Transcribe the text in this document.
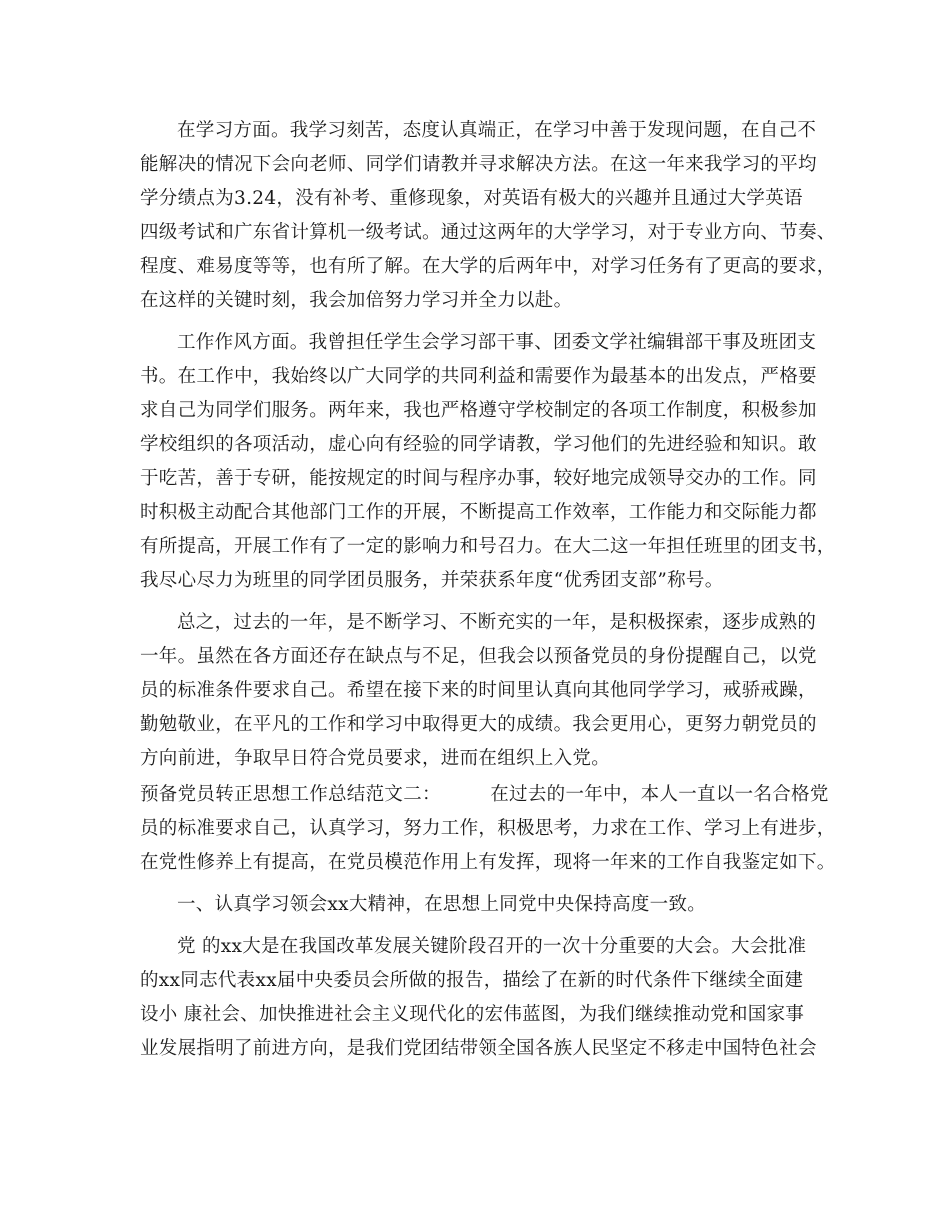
在学习方面。我学习刻苦，态度认真端正，在学习中善于发现问题，在自己不
能解决的情况下会向老师、同学们请教并寻求解决方法。在这一年来我学习的平均
学分绩点为3.24，没有补考、重修现象，对英语有极大的兴趣并且通过大学英语
四级考试和广东省计算机一级考试。通过这两年的大学学习，对于专业方向、节奏、
程度、难易度等等，也有所了解。在大学的后两年中，对学习任务有了更高的要求，
在这样的关键时刻，我会加倍努力学习并全力以赴。
工作作风方面。我曾担任学生会学习部干事、团委文学社编辑部干事及班团支
书。在工作中，我始终以广大同学的共同利益和需要作为最基本的出发点，严格要
求自己为同学们服务。两年来，我也严格遵守学校制定的各项工作制度，积极参加
学校组织的各项活动，虚心向有经验的同学请教，学习他们的先进经验和知识。敢
于吃苦，善于专研，能按规定的时间与程序办事，较好地完成领导交办的工作。同
时积极主动配合其他部门工作的开展，不断提高工作效率，工作能力和交际能力都
有所提高，开展工作有了一定的影响力和号召力。在大二这一年担任班里的团支书，
我尽心尽力为班里的同学团员服务，并荣获系年度“优秀团支部”称号。
总之，过去的一年，是不断学习、不断充实的一年，是积极探索，逐步成熟的
一年。虽然在各方面还存在缺点与不足，但我会以预备党员的身份提醒自己，以党
员的标准条件要求自己。希望在接下来的时间里认真向其他同学学习，戒骄戒躁，
勤勉敬业，在平凡的工作和学习中取得更大的成绩。我会更用心，更努力朝党员的
方向前进，争取早日符合党员要求，进而在组织上入党。
预备党员转正思想工作总结范文二：        在过去的一年中，本人一直以一名合格党
员的标准要求自己，认真学习，努力工作，积极思考，力求在工作、学习上有进步，
在党性修养上有提高，在党员模范作用上有发挥，现将一年来的工作自我鉴定如下。
一、认真学习领会xx大精神，在思想上同党中央保持高度一致。
党 的xx大是在我国改革发展关键阶段召开的一次十分重要的大会。大会批准
的xx同志代表xx届中央委员会所做的报告，描绘了在新的时代条件下继续全面建
设小 康社会、加快推进社会主义现代化的宏伟蓝图，为我们继续推动党和国家事
业发展指明了前进方向，是我们党团结带领全国各族人民坚定不移走中国特色社会
